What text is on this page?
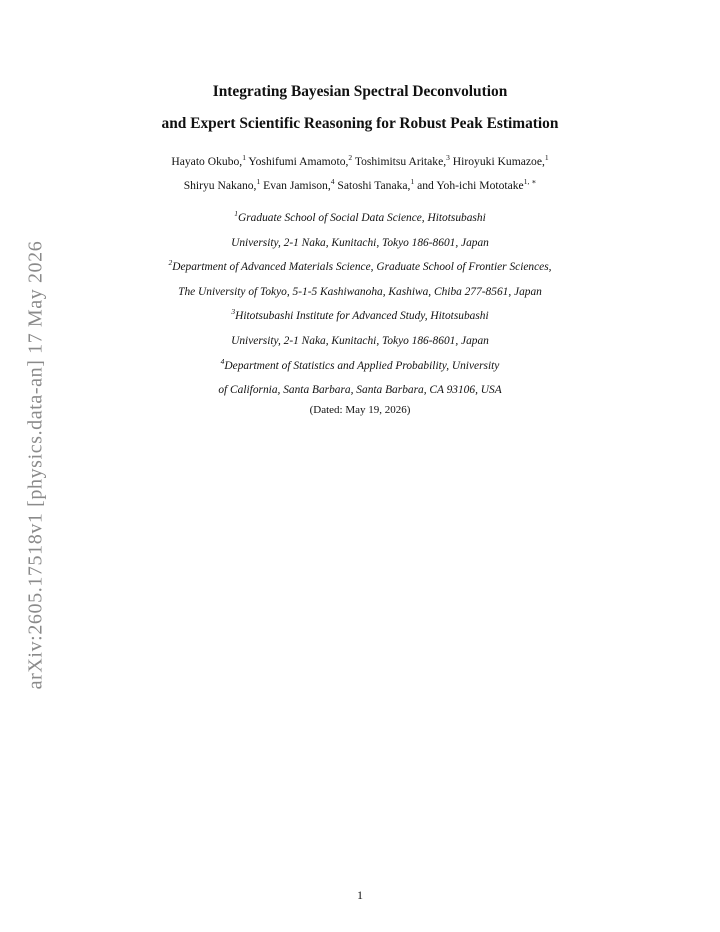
arXiv:2605.17518v1 [physics.data-an] 17 May 2026
Integrating Bayesian Spectral Deconvolution
and Expert Scientific Reasoning for Robust Peak Estimation
Hayato Okubo,$^1$ Yoshifumi Amamoto,$^2$ Toshimitsu Aritake,$^3$ Hiroyuki Kumazoe,$^1$
Shiryu Nakano,$^1$ Evan Jamison,$^4$ Satoshi Tanaka,$^1$ and Yoh-ichi Mototake$^{1, ∗}$
$^1$Graduate School of Social Data Science, Hitotsubashi
University, 2-1 Naka, Kunitachi, Tokyo 186-8601, Japan
$^2$Department of Advanced Materials Science, Graduate School of Frontier Sciences,
The University of Tokyo, 5-1-5 Kashiwanoha, Kashiwa, Chiba 277-8561, Japan
$^3$Hitotsubashi Institute for Advanced Study, Hitotsubashi
University, 2-1 Naka, Kunitachi, Tokyo 186-8601, Japan
$^4$Department of Statistics and Applied Probability, University
of California, Santa Barbara, Santa Barbara, CA 93106, USA
(Dated: May 19, 2026)
1
